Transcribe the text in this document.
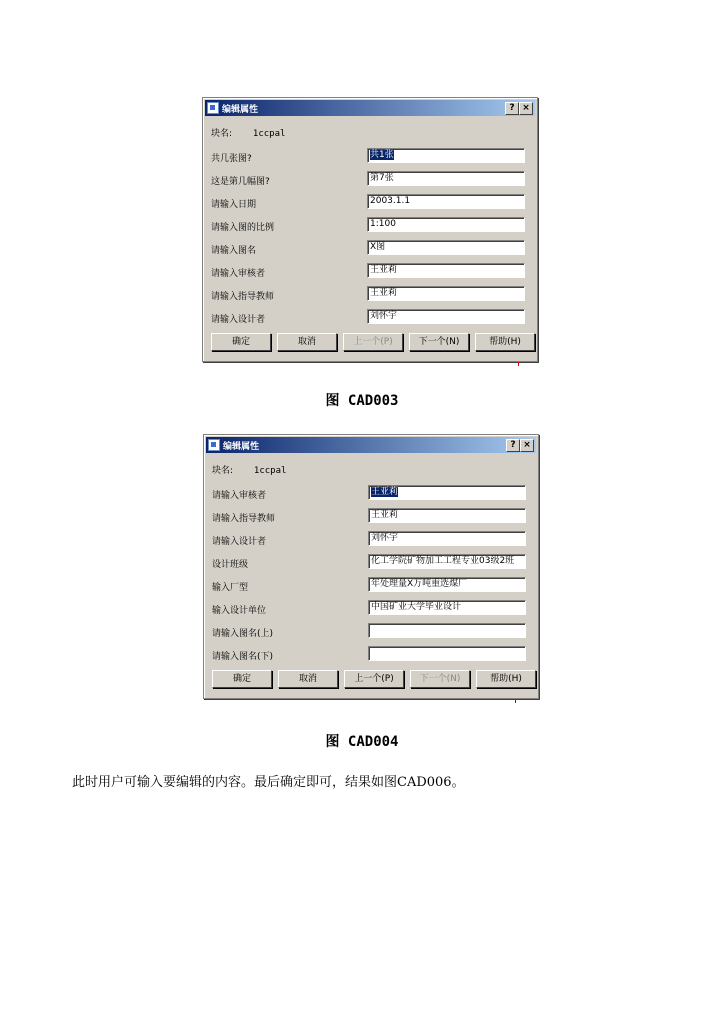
编辑属性	? ×
块名: 1ccpal
共几张图?	共1张
这是第几幅图?	第7张
请输入日期	2003.1.1
请输入图的比例	1:100
请输入图名	X图
请输入审核者	王亚莉
请输入指导教师	王亚莉
请输入设计者	刘怀宇
确定	取消	上一个(P)	下一个(N)	帮助(H)
图 CAD003
编辑属性	? ×
块名: 1ccpal
请输入审核者	王亚莉
请输入指导教师	王亚莉
请输入设计者	刘怀宇
设计班级	化工学院矿物加工工程专业03级2班
输入厂型	年处理量X万吨重选煤厂
输入设计单位	中国矿业大学毕业设计
请输入图名(上)
请输入图名(下)
确定	取消	上一个(P)	下一个(N)	帮助(H)
图 CAD004
此时用户可输入要编辑的内容。最后确定即可，结果如图CAD006。
